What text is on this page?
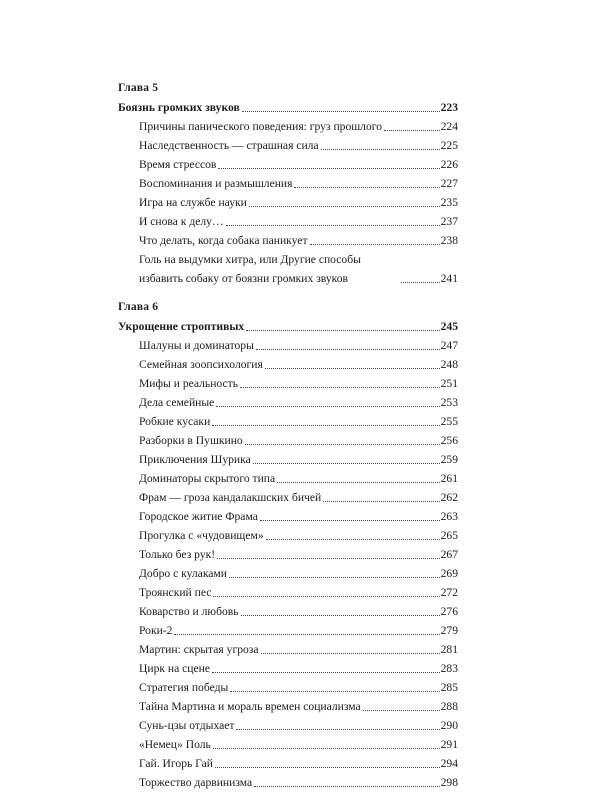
Глава 5
Боязнь громких звуков	223
Причины панического поведения: груз прошлого	224
Наследственность — страшная сила	225
Время стрессов	226
Воспоминания и размышления	227
Игра на службе науки	235
И снова к делу…	237
Что делать, когда собака паникует	238
Голь на выдумки хитра, или Другие способы избавить собаку от боязни громких звуков	241
Глава 6
Укрощение строптивых	245
Шалуны и доминаторы	247
Семейная зоопсихология	248
Мифы и реальность	251
Дела семейные	253
Робкие кусаки	255
Разборки в Пушкино	256
Приключения Шурика	259
Доминаторы скрытого типа	261
Фрам — гроза кандалакшских бичей	262
Городское житие Фрама	263
Прогулка с «чудовищем»	265
Только без рук!	267
Добро с кулаками	269
Троянский пес	272
Коварство и любовь	276
Роки-2	279
Мартин: скрытая угроза	281
Цирк на сцене	283
Стратегия победы	285
Тайна Мартина и мораль времен социализма	288
Сунь-цзы отдыхает	290
«Немец» Поль	291
Гай. Игорь Гай	294
Торжество дарвинизма	298
